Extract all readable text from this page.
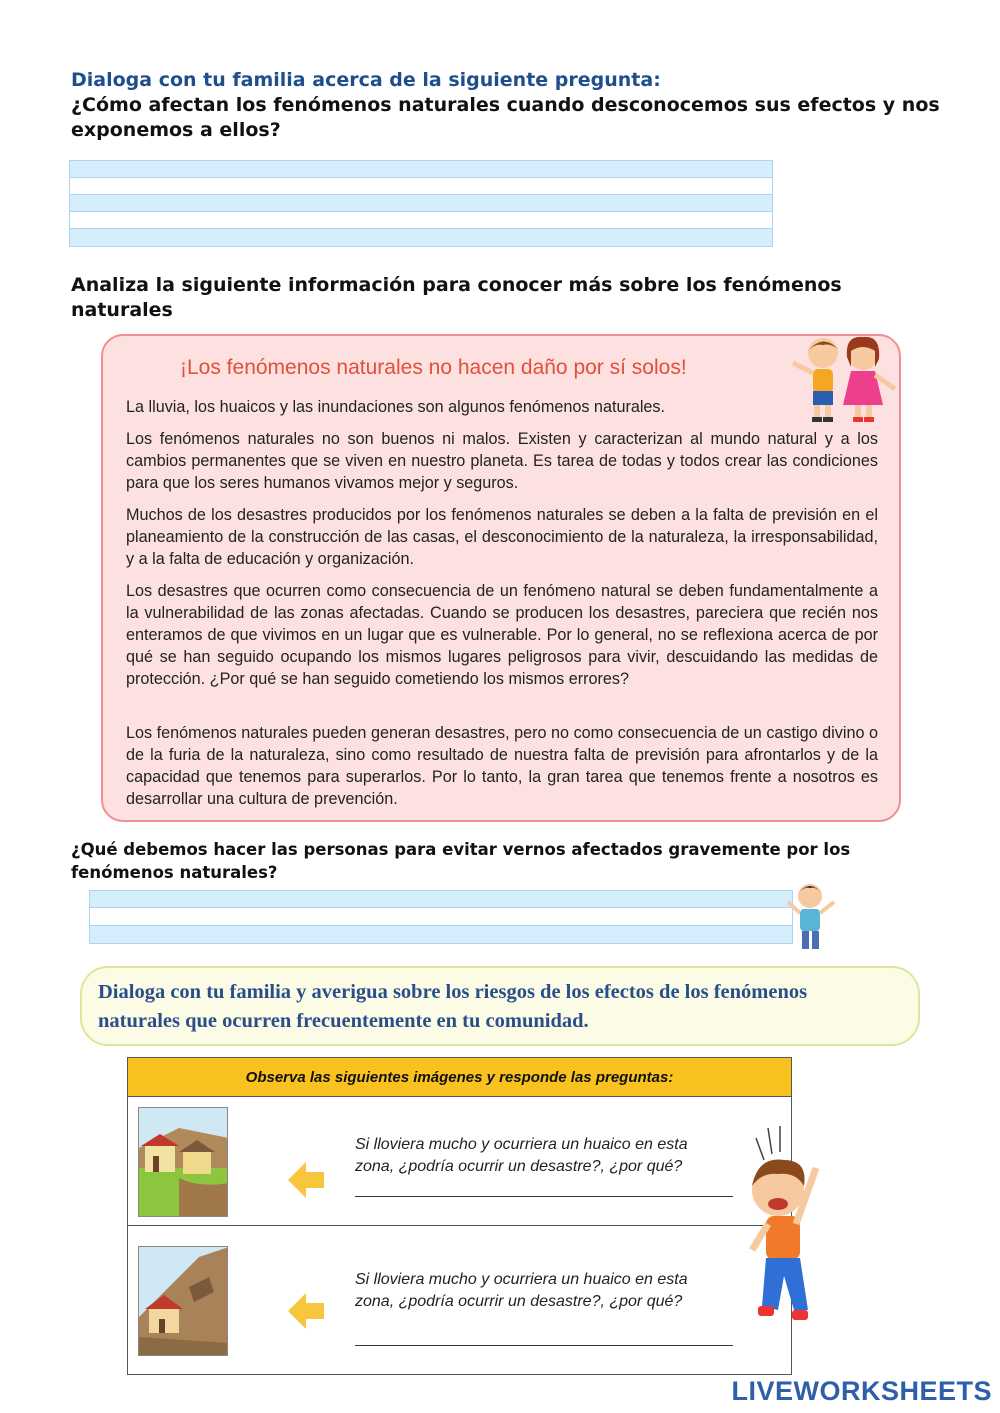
Dialoga con tu familia acerca de la siguiente pregunta:
¿Cómo afectan los fenómenos naturales cuando desconocemos sus efectos y nos
exponemos a ellos?
Analiza la siguiente información para conocer más sobre los fenómenos
naturales
¡Los fenómenos naturales no hacen daño por sí solos!

La lluvia, los huaicos y las inundaciones son algunos fenómenos naturales.

Los fenómenos naturales no son buenos ni malos. Existen y caracterizan al mundo natural y a los cambios permanentes que se viven en nuestro planeta. Es tarea de todas y todos crear las condiciones para que los seres humanos vivamos mejor y seguros.

Muchos de los desastres producidos por los fenómenos naturales se deben a la falta de previsión en el planeamiento de la construcción de las casas, el desconocimiento de la naturaleza, la irresponsabilidad, y a la falta de educación y organización.

Los desastres que ocurren como consecuencia de un fenómeno natural se deben fundamentalmente a la vulnerabilidad de las zonas afectadas. Cuando se producen los desastres, pareciera que recién nos enteramos de que vivimos en un lugar que es vulnerable. Por lo general, no se reflexiona acerca de por qué se han seguido ocupando los mismos lugares peligrosos para vivir, descuidando las medidas de protección. ¿Por qué se han seguido cometiendo los mismos errores?

Los fenómenos naturales pueden generan desastres, pero no como consecuencia de un castigo divino o de la furia de la naturaleza, sino como resultado de nuestra falta de previsión para afrontarlos y de la capacidad que tenemos para superarlos. Por lo tanto, la gran tarea que tenemos frente a nosotros es desarrollar una cultura de prevención.

¿Qué debemos hacer las personas para evitar vernos afectados gravemente por los
fenómenos naturales?
Dialoga con tu familia y averigua sobre los riesgos de los efectos de los fenómenos
naturales que ocurren frecuentemente en tu comunidad.
Observa las siguientes imágenes y responde las preguntas:
Si lloviera mucho y ocurriera un huaico en esta
zona, ¿podría ocurrir un desastre?, ¿por qué?
Si lloviera mucho y ocurriera un huaico en esta
zona, ¿podría ocurrir un desastre?, ¿por qué?
LIVEWORKSHEETS
